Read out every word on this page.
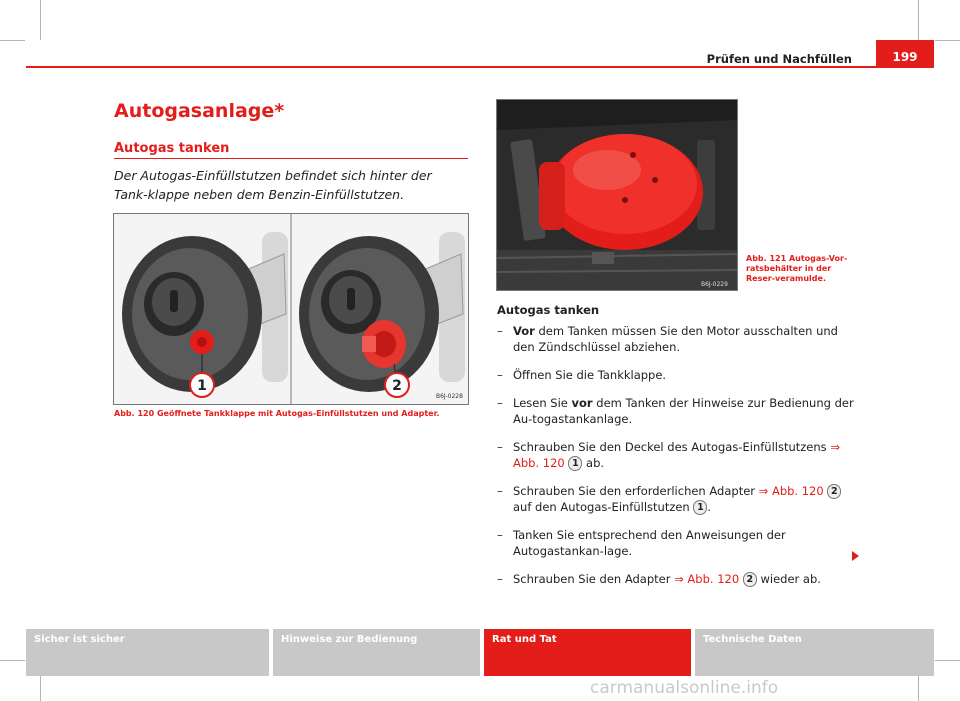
Prüfen und Nachfüllen	199
Autogasanlage*
Autogas tanken
Der Autogas-Einfüllstutzen befindet sich hinter der Tank-klappe neben dem Benzin-Einfüllstutzen.
1	2
B6J-0228
Abb. 120 Geöffnete Tankklappe mit Autogas-Einfüllstutzen und Adapter.
B6J-0229
Abb. 121 Autogas-Vor-ratsbehälter in der Reser-veramulde.
Autogas tanken
– Vor dem Tanken müssen Sie den Motor ausschalten und den Zündschlüssel abziehen.
– Öffnen Sie die Tankklappe.
– Lesen Sie vor dem Tanken der Hinweise zur Bedienung der Au-togastankanlage.
– Schrauben Sie den Deckel des Autogas-Einfüllstutzens ⇒ Abb. 120 1 ab.
– Schrauben Sie den erforderlichen Adapter ⇒ Abb. 120 2 auf den Autogas-Einfüllstutzen 1 .
– Tanken Sie entsprechend den Anweisungen der Autogastankan-lage.
– Schrauben Sie den Adapter ⇒ Abb. 120 2 wieder ab.
Sicher ist sicher	Hinweise zur Bedienung	Rat und Tat	Technische Daten
carmanualsonline.info
